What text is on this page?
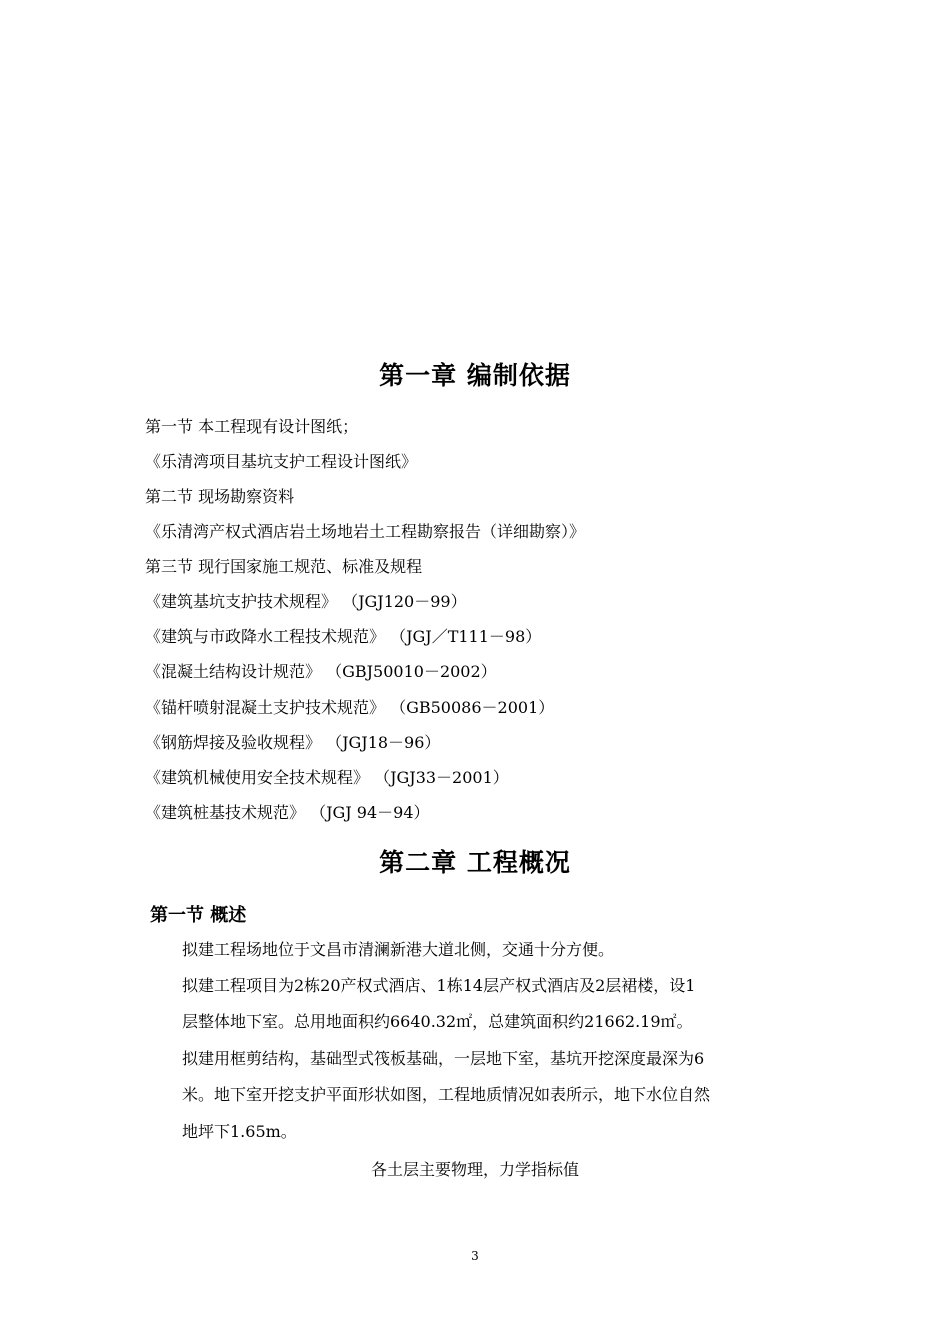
第一章 编制依据
第一节 本工程现有设计图纸；
《乐清湾项目基坑支护工程设计图纸》
第二节 现场勘察资料
《乐清湾产权式酒店岩土场地岩土工程勘察报告（详细勘察）》
第三节 现行国家施工规范、标准及规程
《建筑基坑支护技术规程》 （JGJ120－99）
《建筑与市政降水工程技术规范》 （JGJ／T111－98）
《混凝土结构设计规范》 （GBJ50010－2002）
《锚杆喷射混凝土支护技术规范》 （GB50086－2001）
《钢筋焊接及验收规程》 （JGJ18－96）
《建筑机械使用安全技术规程》 （JGJ33－2001）
《建筑桩基技术规范》 （JGJ 94－94）
第二章 工程概况
第一节 概述
拟建工程场地位于文昌市清澜新港大道北侧，交通十分方便。
拟建工程项目为2栋20产权式酒店、1栋14层产权式酒店及2层裙楼，设1
层整体地下室。总用地面积约6640.32㎡，总建筑面积约21662.19㎡。
拟建用框剪结构，基础型式筏板基础，一层地下室，基坑开挖深度最深为6
米。地下室开挖支护平面形状如图，工程地质情况如表所示，地下水位自然
地坪下1.65m。
各土层主要物理，力学指标值
3
